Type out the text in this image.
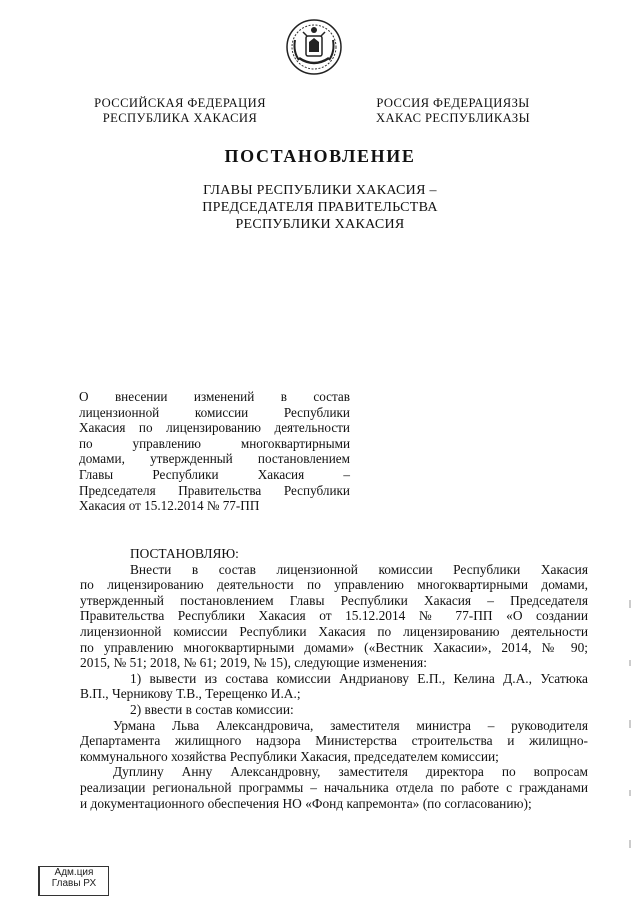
РОССИЙСКАЯ ФЕДЕРАЦИЯ
РЕСПУБЛИКА ХАКАСИЯ
РОССИЯ ФЕДЕРАЦИЯЗЫ
ХАКАС РЕСПУБЛИКАЗЫ
ПОСТАНОВЛЕНИЕ
ГЛАВЫ РЕСПУБЛИКИ ХАКАСИЯ –
ПРЕДСЕДАТЕЛЯ ПРАВИТЕЛЬСТВА
РЕСПУБЛИКИ ХАКАСИЯ
О внесении изменений в состав
лицензионной комиссии Республики
Хакасия по лицензированию деятельности
по управлению многоквартирными
домами, утвержденный постановлением
Главы Республики Хакасия –
Председателя Правительства Республики
Хакасия от 15.12.2014 № 77-ПП
ПОСТАНОВЛЯЮ:
Внести в состав лицензионной комиссии Республики Хакасия
по лицензированию деятельности по управлению многоквартирными домами,
утвержденный постановлением Главы Республики Хакасия – Председателя
Правительства Республики Хакасия от 15.12.2014 № 77-ПП «О создании
лицензионной комиссии Республики Хакасия по лицензированию деятельности
по управлению многоквартирными домами» («Вестник Хакасии», 2014, № 90;
2015, № 51; 2018, № 61; 2019, № 15), следующие изменения:
1) вывести из состава комиссии Андрианову Е.П., Келина Д.А., Усатюка
В.П., Черникову Т.В., Терещенко И.А.;
2) ввести в состав комиссии:
Урмана Льва Александровича, заместителя министра – руководителя
Департамента жилищного надзора Министерства строительства и жилищно-
коммунального хозяйства Республики Хакасия, председателем комиссии;
Дуплину Анну Александровну, заместителя директора по вопросам
реализации региональной программы – начальника отдела по работе с гражданами
и документационного обеспечения НО «Фонд капремонта» (по согласованию);
Адм.ция
Главы РХ
